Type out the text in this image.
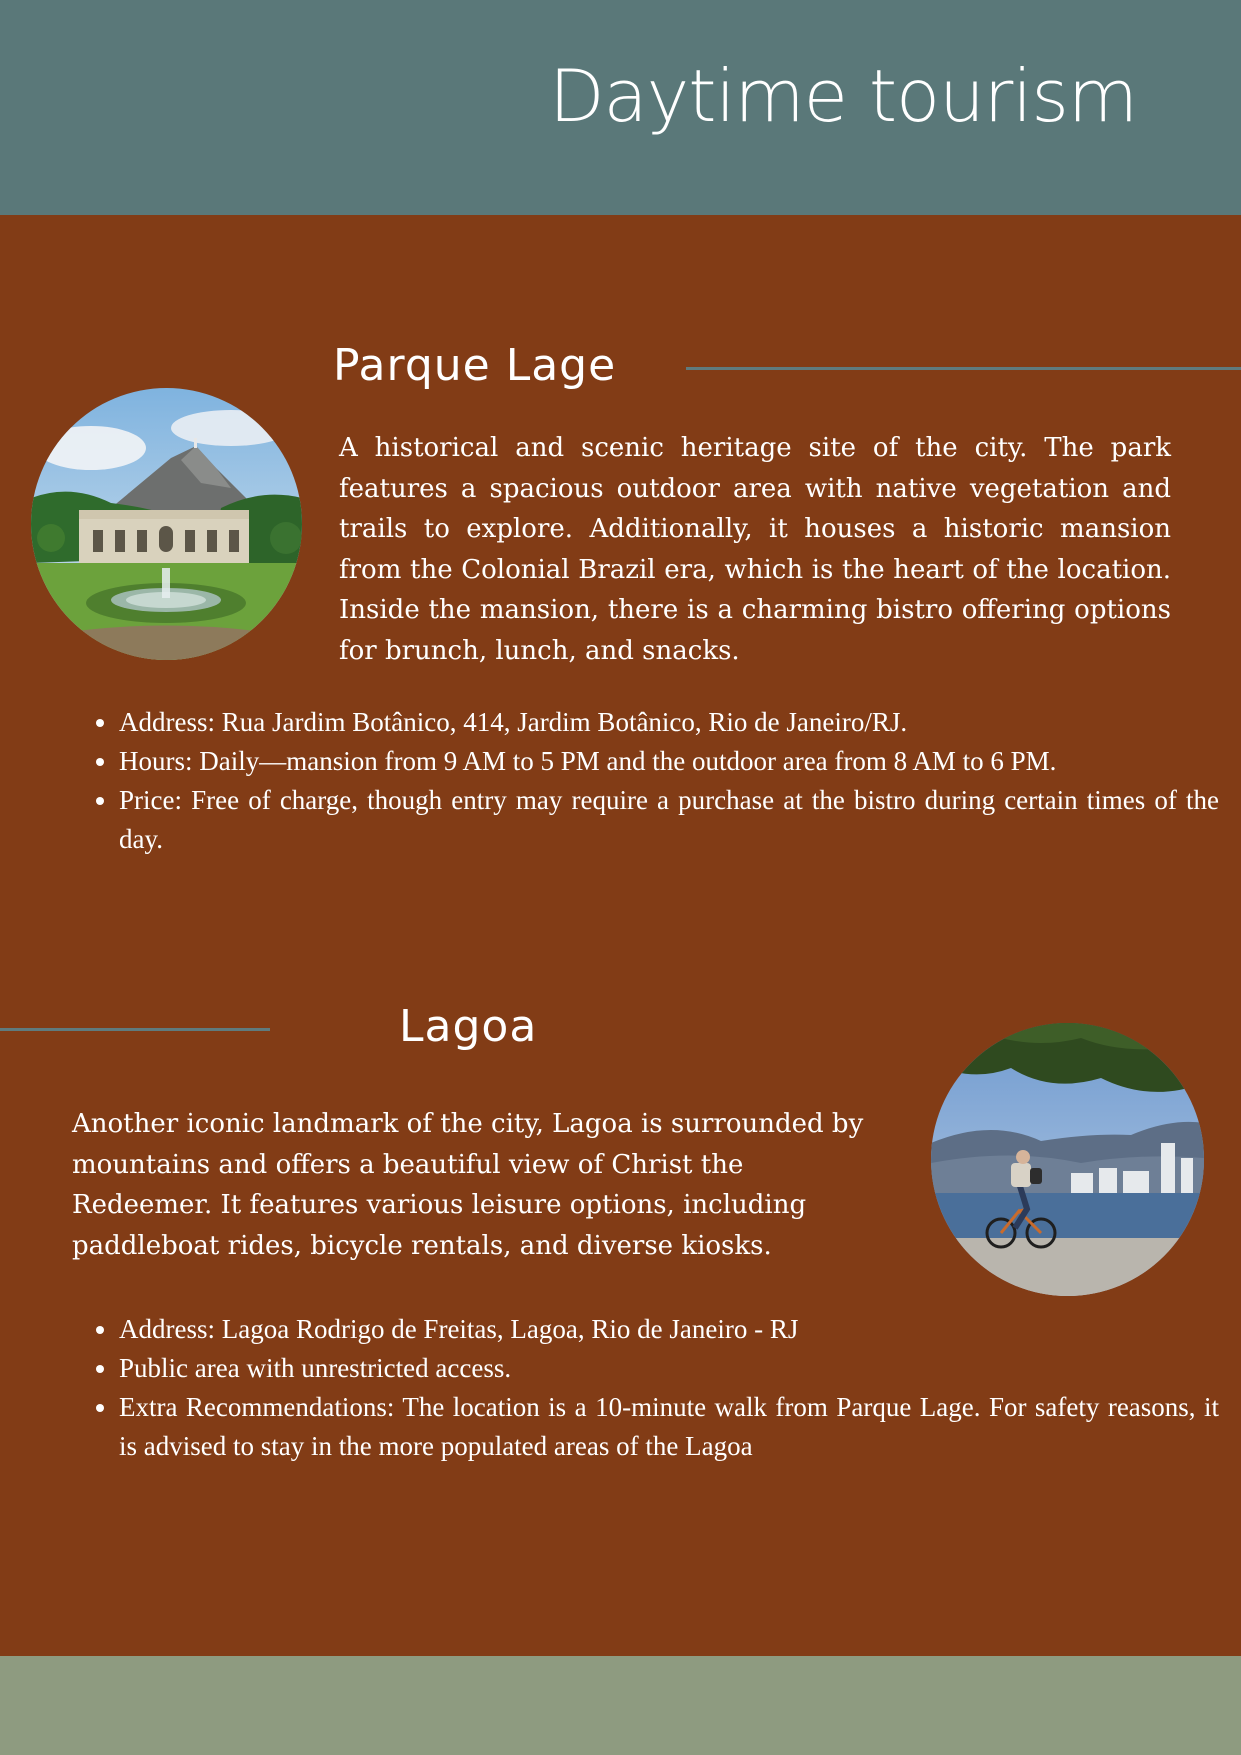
Daytime tourism
Parque Lage

A historical and scenic heritage site of the city. The park features a spacious outdoor area with native vegetation and trails to explore. Additionally, it houses a historic mansion from the Colonial Brazil era, which is the heart of the location. Inside the mansion, there is a charming bistro offering options for brunch, lunch, and snacks.

• Address: Rua Jardim Botânico, 414, Jardim Botânico, Rio de Janeiro/RJ.
• Hours: Daily—mansion from 9 AM to 5 PM and the outdoor area from 8 AM to 6 PM.
• Price: Free of charge, though entry may require a purchase at the bistro during certain times of the day.
Lagoa

Another iconic landmark of the city, Lagoa is surrounded by mountains and offers a beautiful view of Christ the Redeemer. It features various leisure options, including paddleboat rides, bicycle rentals, and diverse kiosks.

• Address: Lagoa Rodrigo de Freitas, Lagoa, Rio de Janeiro - RJ
• Public area with unrestricted access.
• Extra Recommendations: The location is a 10-minute walk from Parque Lage. For safety reasons, it is advised to stay in the more populated areas of the Lagoa
